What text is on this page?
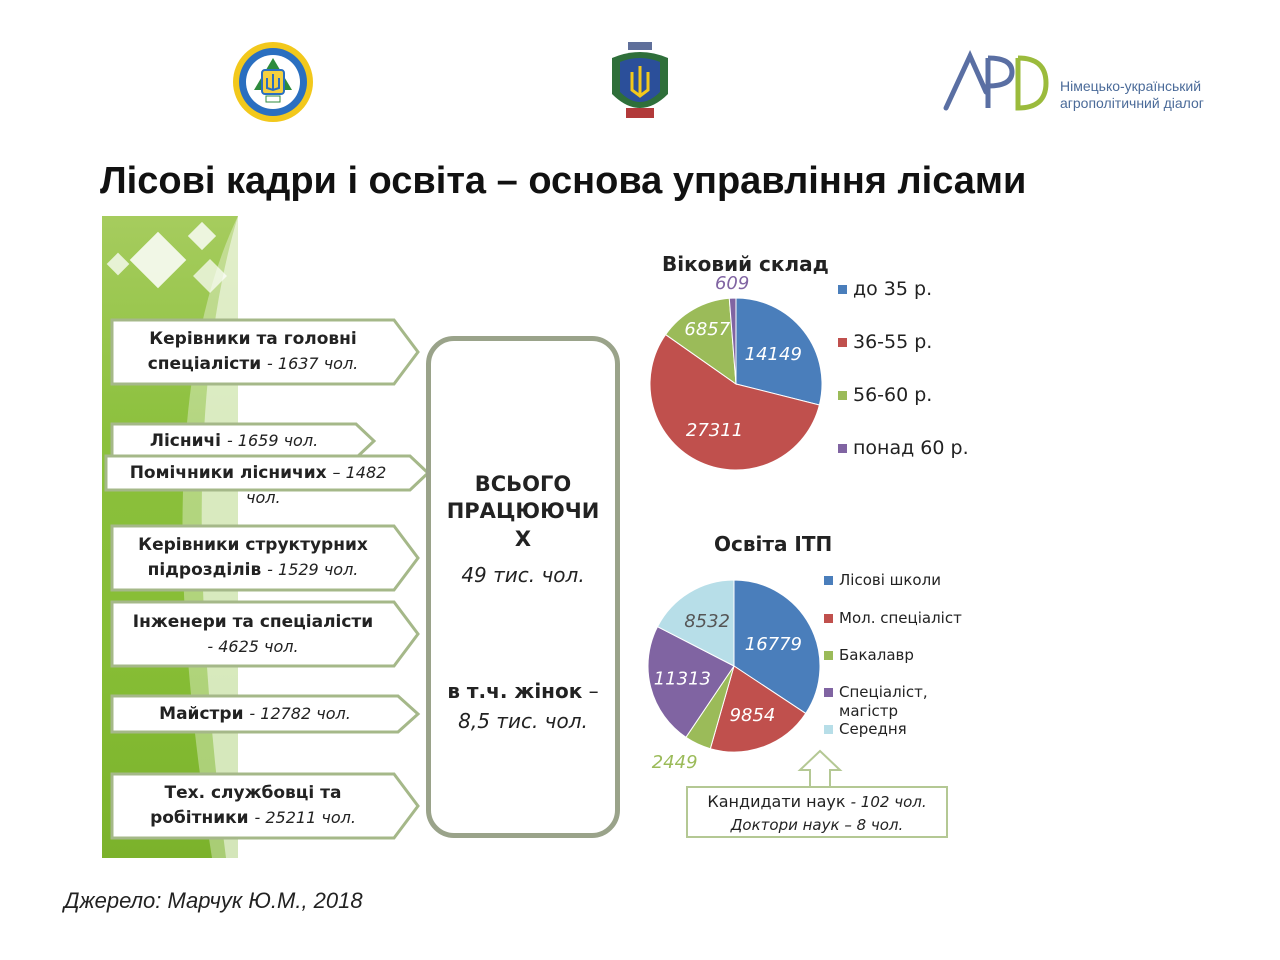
Німецько-український
агрополітичний діалог
Лісові кадри і освіта – основа управління лісами
Керівники та головні
спеціалісти - 1637 чол.
Лісничі
- 1659 чол.
Помічники лісничих
– 1482
чол.
Керівники структурних
підрозділів - 1529 чол.
Інженери та спеціалісти
- 4625 чол.
Майстри
- 12782 чол.
Тех. службовці та
робітники - 25211 чол.
ВСЬОГО
ПРАЦЮЮЧИ
Х
49 тис. чол.
в т.ч. жінок –
8,5 тис. чол.
Віковий склад
14149
27311
6857
609
Освіта ІТП
16779
9854
2449
11313
8532
Кандидати наук - 102 чол.
Доктори наук – 8 чол.
Джерело: Марчук Ю.М., 2018
до 35 р.
36-55 р.
56-60 р.
понад 60 р.
Лісові школи
Мол. спеціаліст
Бакалавр
Спеціаліст, магістр
Середня
